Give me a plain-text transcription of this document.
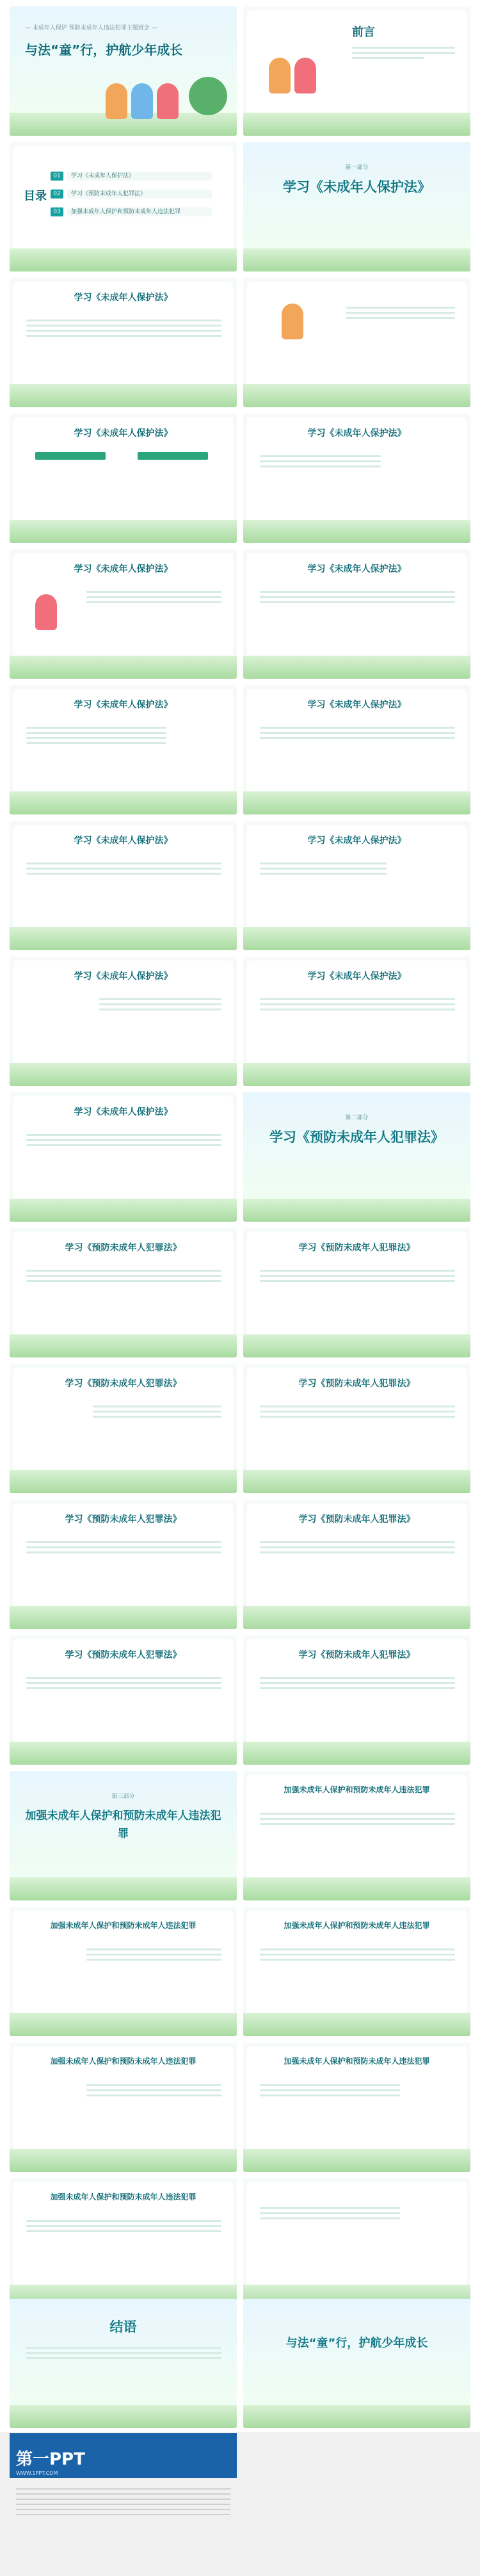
— 未成年人保护 预防未成年人违法犯罪主题班会 —
与法“童”行，护航少年成长
前言
目录
01	学习《未成年人保护法》
02	学习《预防未成年人犯罪法》
03	加强未成年人保护和预防未成年人违法犯罪
第一部分
学习《未成年人保护法》
学习《未成年人保护法》
学习《未成年人保护法》	学习《未成年人保护法》
学习《未成年人保护法》	学习《未成年人保护法》
学习《未成年人保护法》	学习《未成年人保护法》
学习《未成年人保护法》	学习《未成年人保护法》
学习《未成年人保护法》	学习《未成年人保护法》
学习《未成年人保护法》
第二部分
学习《预防未成年人犯罪法》
学习《预防未成年人犯罪法》	学习《预防未成年人犯罪法》
学习《预防未成年人犯罪法》	学习《预防未成年人犯罪法》
学习《预防未成年人犯罪法》	学习《预防未成年人犯罪法》
学习《预防未成年人犯罪法》	学习《预防未成年人犯罪法》
第三部分
加强未成年人保护和预防未成年人违法犯罪
加强未成年人保护和预防未成年人违法犯罪
加强未成年人保护和预防未成年人违法犯罪	加强未成年人保护和预防未成年人违法犯罪
加强未成年人保护和预防未成年人违法犯罪	加强未成年人保护和预防未成年人违法犯罪
加强未成年人保护和预防未成年人违法犯罪
结语
与法“童”行，护航少年成长
第一PPT
WWW.1PPT.COM
